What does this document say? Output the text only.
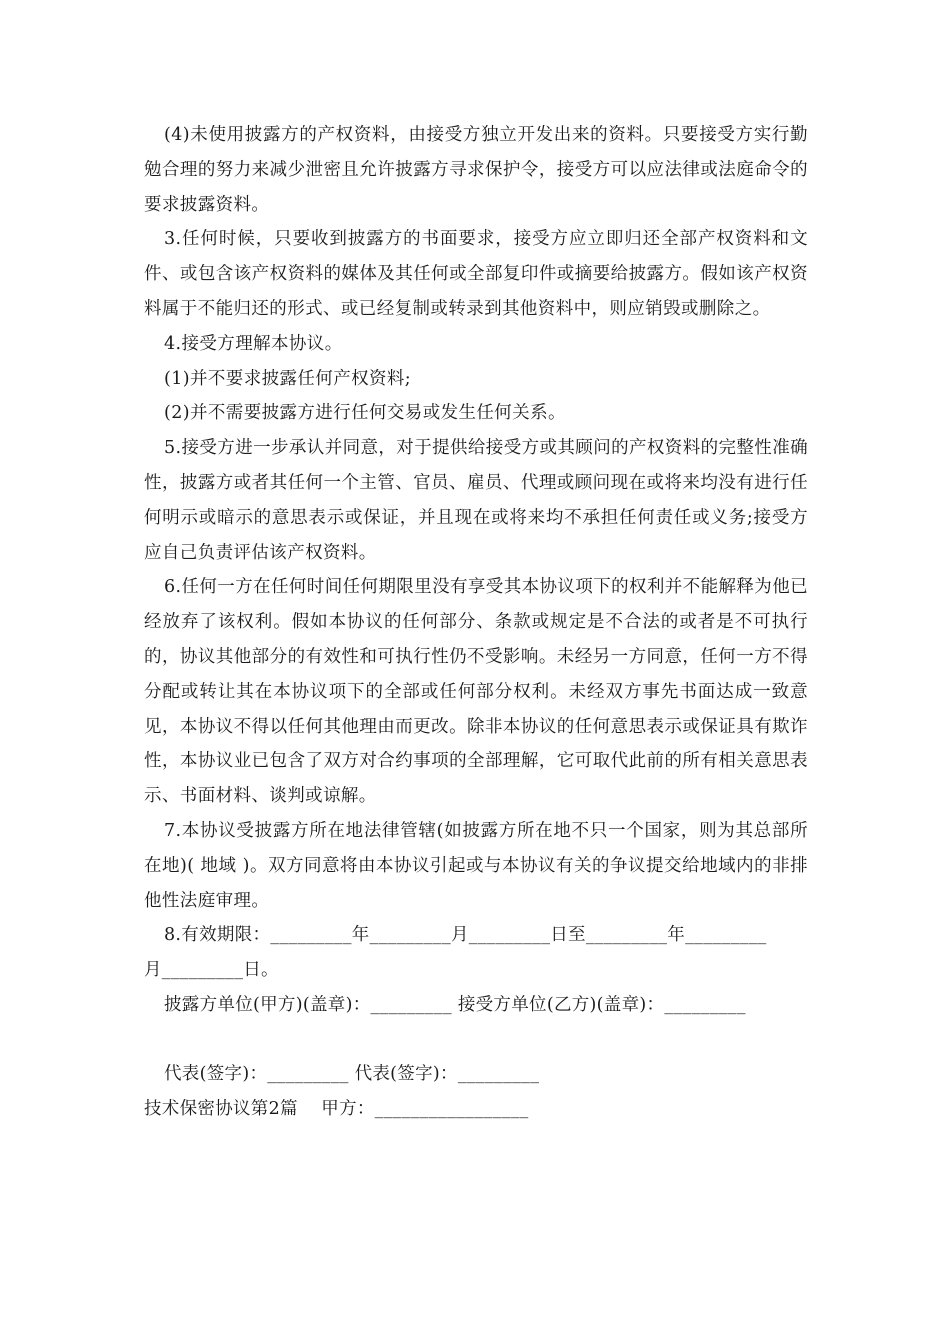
(4)未使用披露方的产权资料，由接受方独立开发出来的资料。只要接受方实行勤勉合理的努力来减少泄密且允许披露方寻求保护令，接受方可以应法律或法庭命令的要求披露资料。

3.任何时候，只要收到披露方的书面要求，接受方应立即归还全部产权资料和文件、或包含该产权资料的媒体及其任何或全部复印件或摘要给披露方。假如该产权资料属于不能归还的形式、或已经复制或转录到其他资料中，则应销毁或删除之。

4.接受方理解本协议。

(1)并不要求披露任何产权资料;

(2)并不需要披露方进行任何交易或发生任何关系。

5.接受方进一步承认并同意，对于提供给接受方或其顾问的产权资料的完整性准确性，披露方或者其任何一个主管、官员、雇员、代理或顾问现在或将来均没有进行任何明示或暗示的意思表示或保证，并且现在或将来均不承担任何责任或义务;接受方应自己负责评估该产权资料。

6.任何一方在任何时间任何期限里没有享受其本协议项下的权利并不能解释为他已经放弃了该权利。假如本协议的任何部分、条款或规定是不合法的或者是不可执行的，协议其他部分的有效性和可执行性仍不受影响。未经另一方同意，任何一方不得分配或转让其在本协议项下的全部或任何部分权利。未经双方事先书面达成一致意见，本协议不得以任何其他理由而更改。除非本协议的任何意思表示或保证具有欺诈性，本协议业已包含了双方对合约事项的全部理解，它可取代此前的所有相关意思表示、书面材料、谈判或谅解。

7.本协议受披露方所在地法律管辖(如披露方所在地不只一个国家，则为其总部所在地)( 地域 )。双方同意将由本协议引起或与本协议有关的争议提交给地域内的非排他性法庭审理。

8.有效期限：_________年_________月_________日至_________年_________

月_________日。

披露方单位(甲方)(盖章)：_________ 接受方单位(乙方)(盖章)：_________

代表(签字)：_________ 代表(签字)：_________

技术保密协议第2篇    甲方：_________________
